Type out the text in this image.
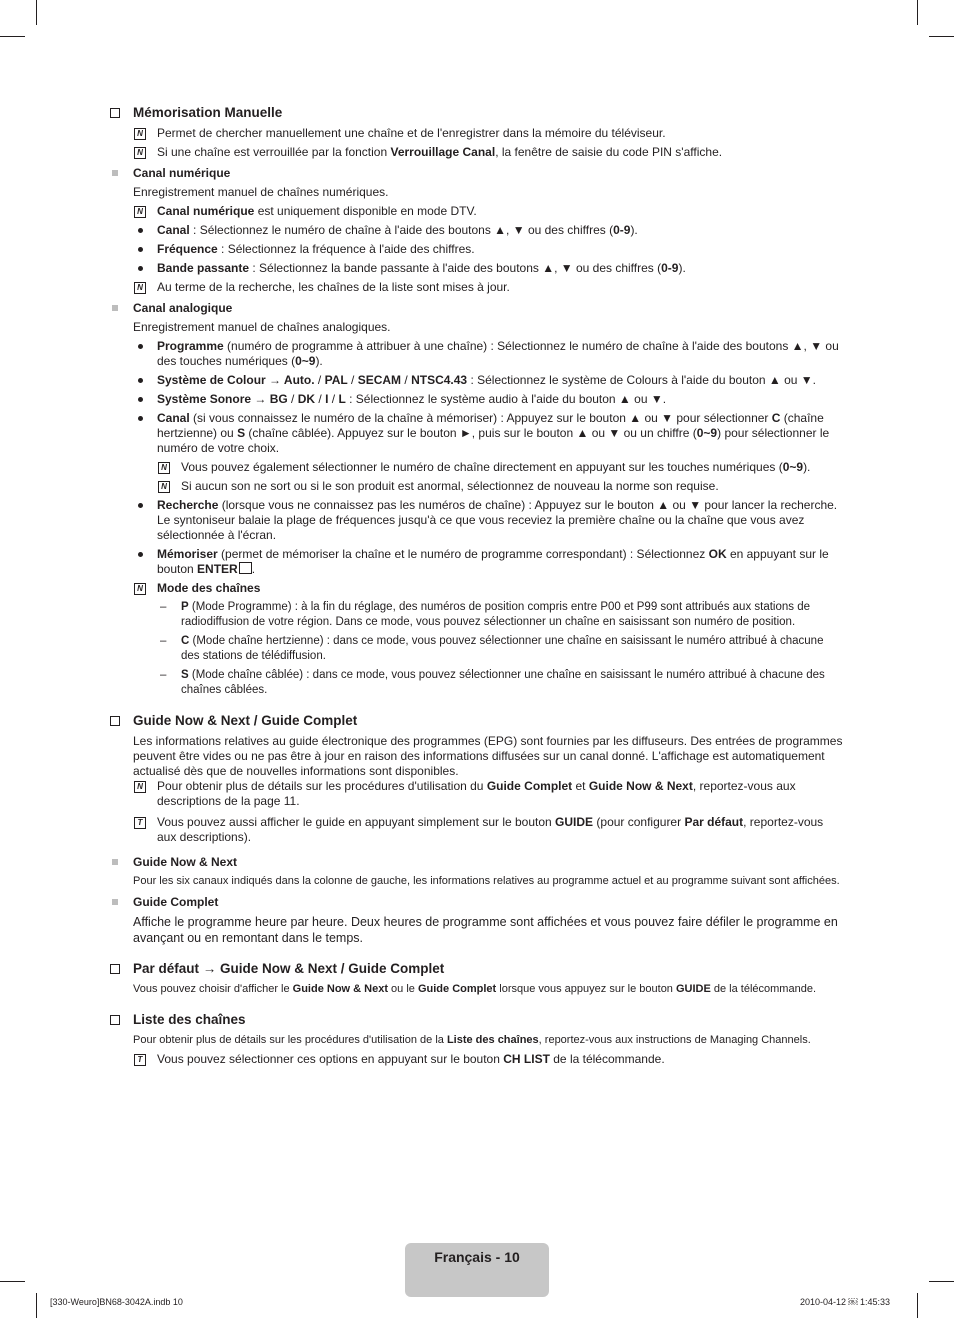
Mémorisation Manuelle
N Permet de chercher manuellement une chaîne et de l'enregistrer dans la mémoire du téléviseur.
N Si une chaîne est verrouillée par la fonction Verrouillage Canal, la fenêtre de saisie du code PIN s'affiche.
Canal numérique
Enregistrement manuel de chaînes numériques.
N Canal numérique est uniquement disponible en mode DTV.
Canal : Sélectionnez le numéro de chaîne à l'aide des boutons ▲, ▼ ou des chiffres (0-9).
Fréquence : Sélectionnez la fréquence à l'aide des chiffres.
Bande passante : Sélectionnez la bande passante à l'aide des boutons ▲, ▼ ou des chiffres (0-9).
N Au terme de la recherche, les chaînes de la liste sont mises à jour.
Canal analogique
Enregistrement manuel de chaînes analogiques.
Programme (numéro de programme à attribuer à une chaîne) : Sélectionnez le numéro de chaîne à l'aide des boutons ▲, ▼ ou des touches numériques (0~9).
Système de Colour → Auto. / PAL / SECAM / NTSC4.43 : Sélectionnez le système de Colours à l'aide du bouton ▲ ou ▼.
Système Sonore → BG / DK / I / L : Sélectionnez le système audio à l'aide du bouton ▲ ou ▼.
Canal (si vous connaissez le numéro de la chaîne à mémoriser) : Appuyez sur le bouton ▲ ou ▼ pour sélectionner C (chaîne hertzienne) ou S (chaîne câblée). Appuyez sur le bouton ►, puis sur le bouton ▲ ou ▼ ou un chiffre (0~9) pour sélectionner le numéro de votre choix.
N Vous pouvez également sélectionner le numéro de chaîne directement en appuyant sur les touches numériques (0~9).
N Si aucun son ne sort ou si le son produit est anormal, sélectionnez de nouveau la norme son requise.
Recherche (lorsque vous ne connaissez pas les numéros de chaîne) : Appuyez sur le bouton ▲ ou ▼ pour lancer la recherche. Le syntoniseur balaie la plage de fréquences jusqu'à ce que vous receviez la première chaîne ou la chaîne que vous avez sélectionnée à l'écran.
Mémoriser (permet de mémoriser la chaîne et le numéro de programme correspondant) : Sélectionnez OK en appuyant sur le bouton ENTER .
N Mode des chaînes
– P (Mode Programme) : à la fin du réglage, des numéros de position compris entre P00 et P99 sont attribués aux stations de radiodiffusion de votre région. Dans ce mode, vous pouvez sélectionner un chaîne en saisissant son numéro de position.
– C (Mode chaîne hertzienne) : dans ce mode, vous pouvez sélectionner une chaîne en saisissant le numéro attribué à chacune des stations de télédiffusion.
– S (Mode chaîne câblée) : dans ce mode, vous pouvez sélectionner une chaîne en saisissant le numéro attribué à chacune des chaînes câblées.
Guide Now & Next / Guide Complet
Les informations relatives au guide électronique des programmes (EPG) sont fournies par les diffuseurs. Des entrées de programmes peuvent être vides ou ne pas être à jour en raison des informations diffusées sur un canal donné. L'affichage est automatiquement actualisé dès que de nouvelles informations sont disponibles.
N Pour obtenir plus de détails sur les procédures d'utilisation du Guide Complet et Guide Now & Next, reportez-vous aux descriptions de la page 11.
T Vous pouvez aussi afficher le guide en appuyant simplement sur le bouton GUIDE (pour configurer Par défaut, reportez-vous aux descriptions).
Guide Now & Next
Pour les six canaux indiqués dans la colonne de gauche, les informations relatives au programme actuel et au programme suivant sont affichées.
Guide Complet
Affiche le programme heure par heure. Deux heures de programme sont affichées et vous pouvez faire défiler le programme en avançant ou en remontant dans le temps.
Par défaut → Guide Now & Next / Guide Complet
Vous pouvez choisir d'afficher le Guide Now & Next ou le Guide Complet lorsque vous appuyez sur le bouton GUIDE de la télécommande.
Liste des chaînes
Pour obtenir plus de détails sur les procédures d'utilisation de la Liste des chaînes, reportez-vous aux instructions de Managing Channels.
T Vous pouvez sélectionner ces options en appuyant sur le bouton CH LIST de la télécommande.
Français - 10
[330-Weuro]BN68-3042A.indb 10	2010-04-12 ￼ 1:45:33
